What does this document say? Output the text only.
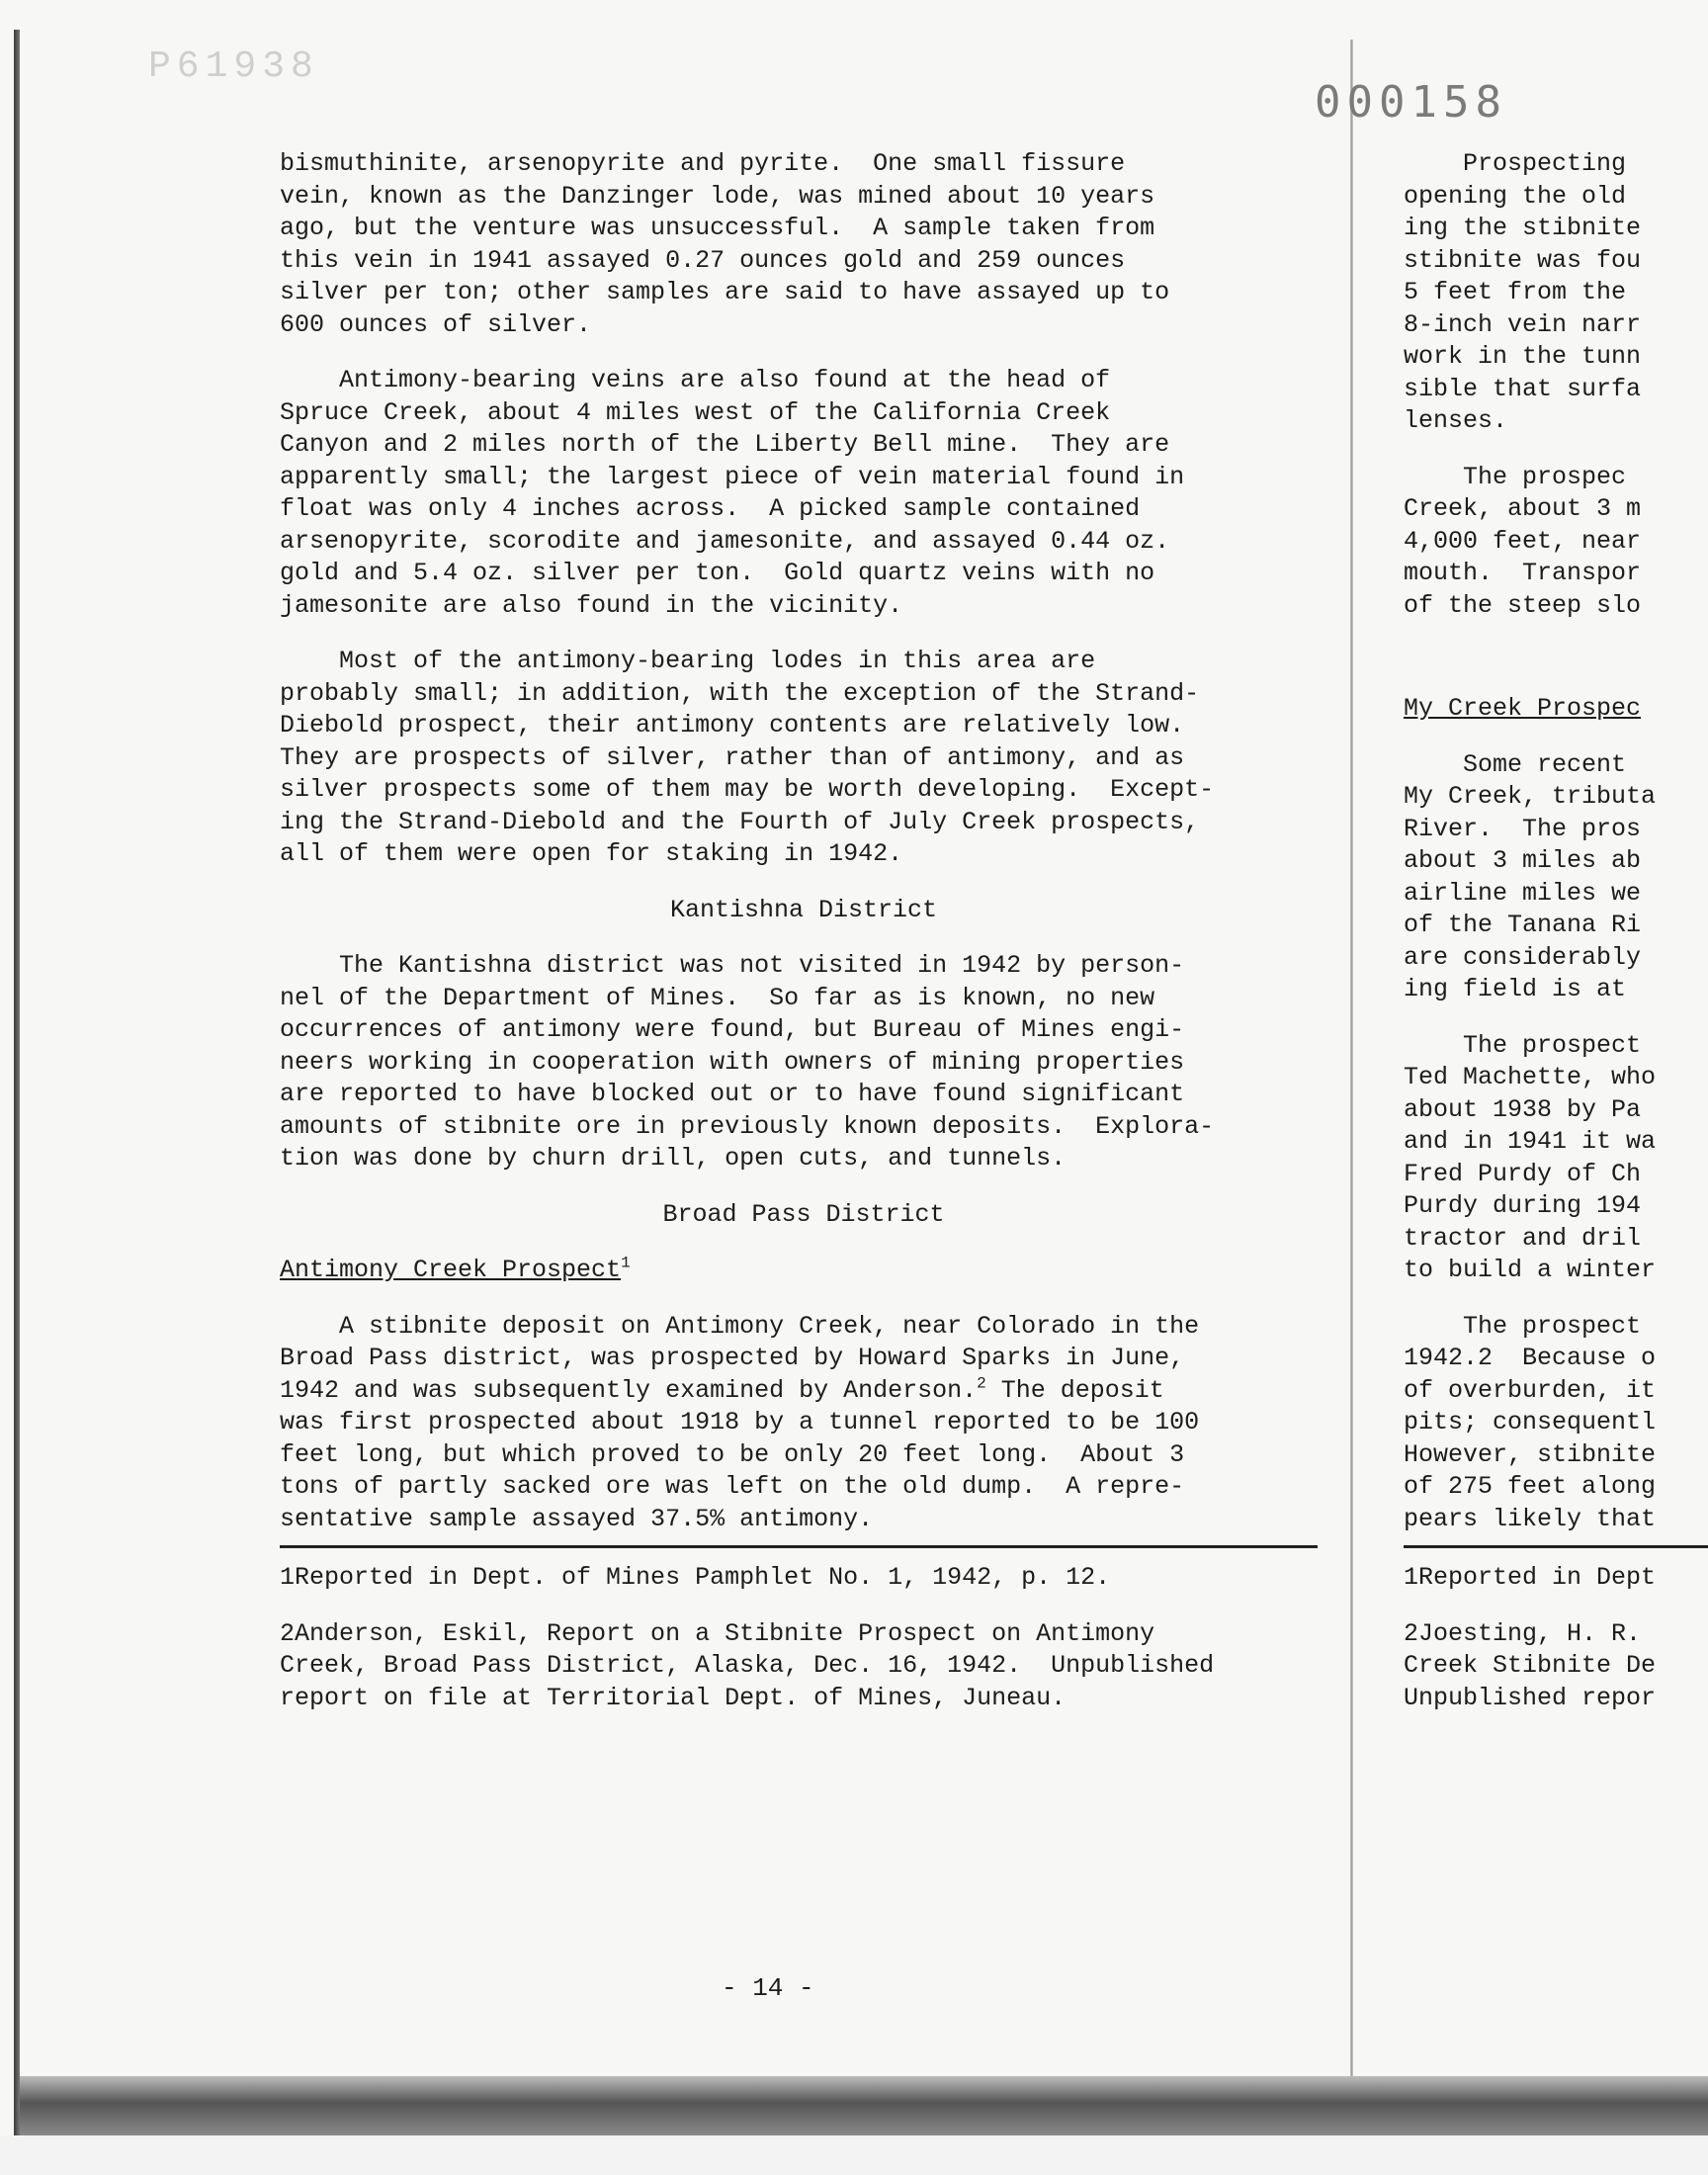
P61938
000158

bismuthinite, arsenopyrite and pyrite.  One small fissure

vein, known as the Danzinger lode, was mined about 10 years

ago, but the venture was unsuccessful.  A sample taken from

this vein in 1941 assayed 0.27 ounces gold and 259 ounces

silver per ton; other samples are said to have assayed up to

600 ounces of silver.

Antimony-bearing veins are also found at the head of

Spruce Creek, about 4 miles west of the California Creek

Canyon and 2 miles north of the Liberty Bell mine.  They are

apparently small; the largest piece of vein material found in

float was only 4 inches across.  A picked sample contained

arsenopyrite, scorodite and jamesonite, and assayed 0.44 oz.

gold and 5.4 oz. silver per ton.  Gold quartz veins with no

jamesonite are also found in the vicinity.

Most of the antimony-bearing lodes in this area are

probably small; in addition, with the exception of the Strand-

Diebold prospect, their antimony contents are relatively low.

They are prospects of silver, rather than of antimony, and as

silver prospects some of them may be worth developing.  Except-

ing the Strand-Diebold and the Fourth of July Creek prospects,

all of them were open for staking in 1942.

Kantishna District

The Kantishna district was not visited in 1942 by person-

nel of the Department of Mines.  So far as is known, no new

occurrences of antimony were found, but Bureau of Mines engi-

neers working in cooperation with owners of mining properties

are reported to have blocked out or to have found significant

amounts of stibnite ore in previously known deposits.  Explora-

tion was done by churn drill, open cuts, and tunnels.

Broad Pass District

Antimony Creek Prospect$^1$

A stibnite deposit on Antimony Creek, near Colorado in the

Broad Pass district, was prospected by Howard Sparks in June,

1942 and was subsequently examined by Anderson.$^2$ The deposit

was first prospected about 1918 by a tunnel reported to be 100

feet long, but which proved to be only 20 feet long.  About 3

tons of partly sacked ore was left on the old dump.  A repre-

sentative sample assayed 37.5% antimony.

1Reported in Dept. of Mines Pamphlet No. 1, 1942, p. 12.

2Anderson, Eskil, Report on a Stibnite Prospect on Antimony

Creek, Broad Pass District, Alaska, Dec. 16, 1942.  Unpublished

report on file at Territorial Dept. of Mines, Juneau.

- 14 -

Prospecting

opening the old

ing the stibnite

stibnite was fou

5 feet from the

8-inch vein narr

work in the tunn

sible that surfa

lenses.

The prospec

Creek, about 3 m

4,000 feet, near

mouth.  Transpor

of the steep slo

My Creek Prospec

Some recent

My Creek, tributa

River.  The pros

about 3 miles ab

airline miles we

of the Tanana Ri

are considerably

ing field is at

The prospect

Ted Machette, who

about 1938 by Pa

and in 1941 it wa

Fred Purdy of Ch

Purdy during 194

tractor and dril

to build a winter

The prospect

1942.2  Because o

of overburden, it

pits; consequentl

However, stibnite

of 275 feet along

pears likely that

1Reported in Dept

2Joesting, H. R.

Creek Stibnite De

Unpublished repor
